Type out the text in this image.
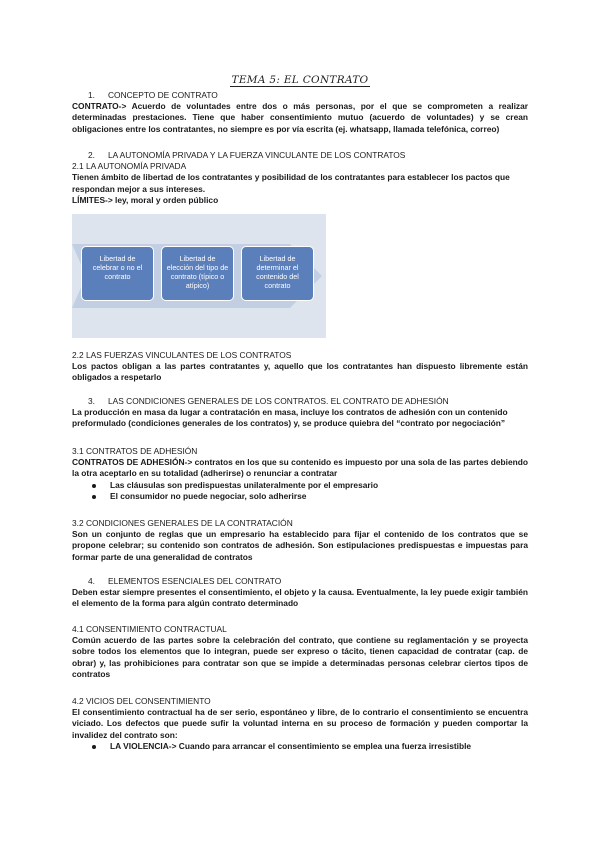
TEMA 5: EL CONTRATO
1. CONCEPTO DE CONTRATO
CONTRATO-> Acuerdo de voluntades entre dos o más personas, por el que se comprometen a realizar determinadas prestaciones. Tiene que haber consentimiento mutuo (acuerdo de voluntades) y se crean obligaciones entre los contratantes, no siempre es por vía escrita (ej. whatsapp, llamada telefónica, correo)
2. LA AUTONOMÍA PRIVADA Y LA FUERZA VINCULANTE DE LOS CONTRATOS
2.1 LA AUTONOMÍA PRIVADA
Tienen ámbito de libertad de los contratantes y posibilidad de los contratantes para establecer los pactos que respondan mejor a sus intereses.
LÍMITES-> ley, moral y orden público
Libertad de celebrar o no el contrato
Libertad de elección del tipo de contrato (típico o atípico)
Libertad de determinar el contenido del contrato
2.2 LAS FUERZAS VINCULANTES DE LOS CONTRATOS
Los pactos obligan a las partes contratantes y, aquello que los contratantes han dispuesto libremente están obligados a respetarlo
3. LAS CONDICIONES GENERALES DE LOS CONTRATOS. EL CONTRATO DE ADHESIÓN
La producción en masa da lugar a contratación en masa, incluye los contratos de adhesión con un contenido preformulado (condiciones generales de los contratos) y, se produce quiebra del “contrato por negociación”
3.1 CONTRATOS DE ADHESIÓN
CONTRATOS DE ADHESIÓN-> contratos en los que su contenido es impuesto por una sola de las partes debiendo la otra aceptarlo en su totalidad (adherirse) o renunciar a contratar
Las cláusulas son predispuestas unilateralmente por el empresario
El consumidor no puede negociar, solo adherirse
3.2 CONDICIONES GENERALES DE LA CONTRATACIÓN
Son un conjunto de reglas que un empresario ha establecido para fijar el contenido de los contratos que se propone celebrar; su contenido son contratos de adhesión. Son estipulaciones predispuestas e impuestas para formar parte de una generalidad de contratos
4. ELEMENTOS ESENCIALES DEL CONTRATO
Deben estar siempre presentes el consentimiento, el objeto y la causa. Eventualmente, la ley puede exigir también el elemento de la forma para algún contrato determinado
4.1 CONSENTIMIENTO CONTRACTUAL
Común acuerdo de las partes sobre la celebración del contrato, que contiene su reglamentación y se proyecta sobre todos los elementos que lo integran, puede ser expreso o tácito, tienen capacidad de contratar (cap. de obrar) y, las prohibiciones para contratar son que se impide a determinadas personas celebrar ciertos tipos de contratos
4.2 VICIOS DEL CONSENTIMIENTO
El consentimiento contractual ha de ser serio, espontáneo y libre, de lo contrario el consentimiento se encuentra viciado. Los defectos que puede sufir la voluntad interna en su proceso de formación y pueden comportar la invalidez del contrato son:
LA VIOLENCIA-> Cuando para arrancar el consentimiento se emplea una fuerza irresistible
